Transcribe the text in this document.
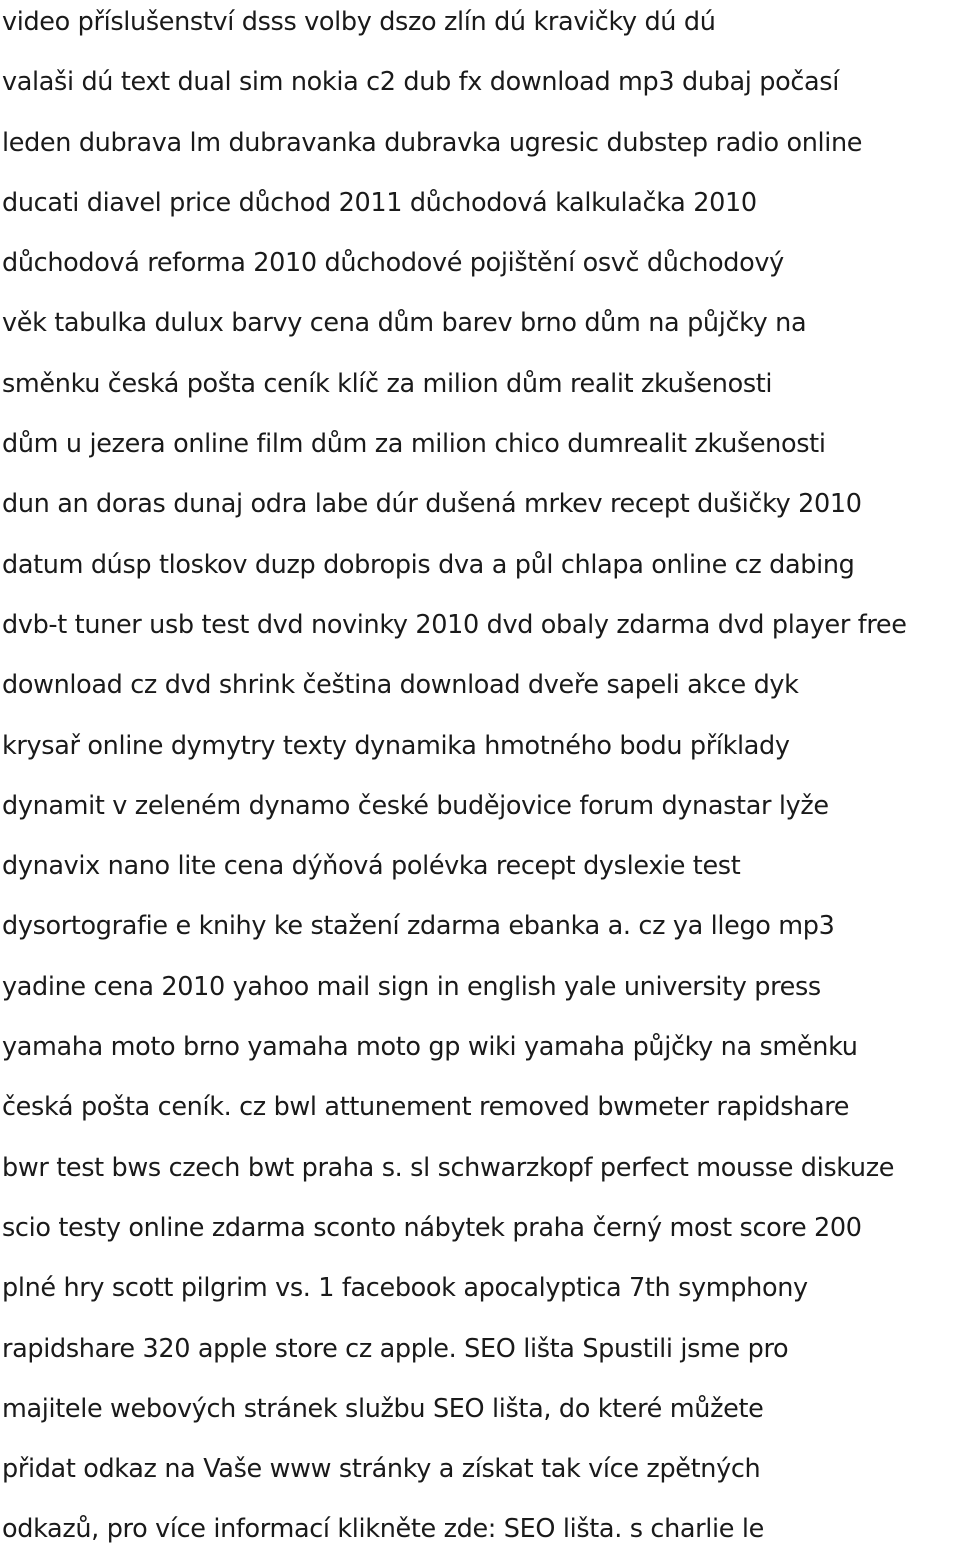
video příslušenství dsss volby dszo zlín dú kravičky dú dú
valaši dú text dual sim nokia c2 dub fx download mp3 dubaj počasí
leden dubrava lm dubravanka dubravka ugresic dubstep radio online
ducati diavel price důchod 2011 důchodová kalkulačka 2010
důchodová reforma 2010 důchodové pojištění osvč důchodový
věk tabulka dulux barvy cena dům barev brno dům na půjčky na
směnku česká pošta ceník klíč za milion dům realit zkušenosti
dům u jezera online film dům za milion chico dumrealit zkušenosti
dun an doras dunaj odra labe dúr dušená mrkev recept dušičky 2010
datum dúsp tloskov duzp dobropis dva a půl chlapa online cz dabing
dvb-t tuner usb test dvd novinky 2010 dvd obaly zdarma dvd player free
download cz dvd shrink čeština download dveře sapeli akce dyk
krysař online dymytry texty dynamika hmotného bodu příklady
dynamit v zeleném dynamo české budějovice forum dynastar lyže
dynavix nano lite cena dýňová polévka recept dyslexie test
dysortografie e knihy ke stažení zdarma ebanka a. cz ya llego mp3
yadine cena 2010 yahoo mail sign in english yale university press
yamaha moto brno yamaha moto gp wiki yamaha půjčky na směnku
česká pošta ceník. cz bwl attunement removed bwmeter rapidshare
bwr test bws czech bwt praha s. sl schwarzkopf perfect mousse diskuze
scio testy online zdarma sconto nábytek praha černý most score 200
plné hry scott pilgrim vs. 1 facebook apocalyptica 7th symphony
rapidshare 320 apple store cz apple. SEO lišta Spustili jsme pro
majitele webových stránek službu SEO lišta, do které můžete
přidat odkaz na Vaše www stránky a získat tak více zpětných
odkazů, pro více informací klikněte zde: SEO lišta. s charlie le
